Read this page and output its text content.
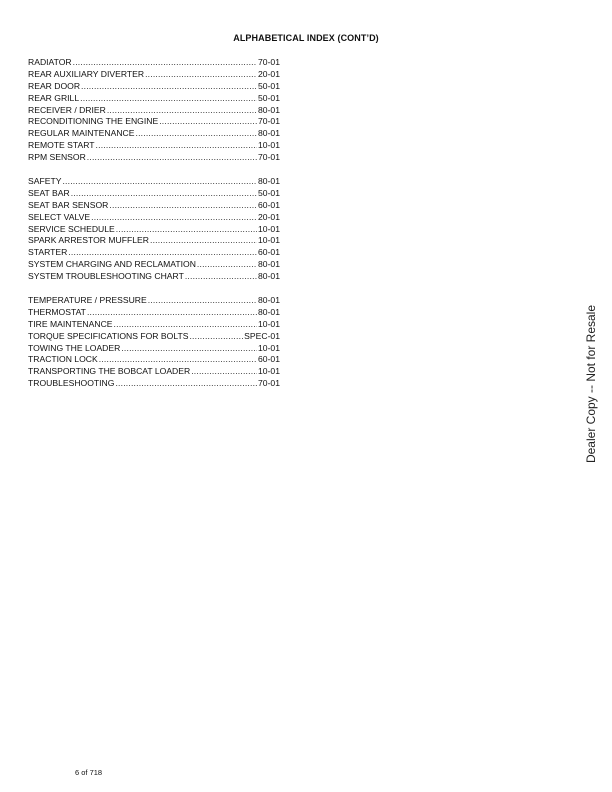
ALPHABETICAL INDEX (CONT’D)
RADIATOR .....	70-01
REAR AUXILIARY DIVERTER .....	20-01
REAR DOOR .....	50-01
REAR GRILL .....	50-01
RECEIVER / DRIER .....	80-01
RECONDITIONING THE ENGINE .....	70-01
REGULAR MAINTENANCE .....	80-01
REMOTE START .....	10-01
RPM SENSOR .....	70-01
SAFETY .....	80-01
SEAT BAR .....	50-01
SEAT BAR SENSOR .....	60-01
SELECT VALVE .....	20-01
SERVICE SCHEDULE .....	10-01
SPARK ARRESTOR MUFFLER .....	10-01
STARTER .....	60-01
SYSTEM CHARGING AND RECLAMATION .....	80-01
SYSTEM TROUBLESHOOTING CHART .....	80-01
TEMPERATURE / PRESSURE .....	80-01
THERMOSTAT .....	80-01
TIRE MAINTENANCE .....	10-01
TORQUE SPECIFICATIONS FOR BOLTS .....	SPEC-01
TOWING THE LOADER .....	10-01
TRACTION LOCK .....	60-01
TRANSPORTING THE BOBCAT LOADER .....	10-01
TROUBLESHOOTING .....	70-01
6 of 718
Dealer Copy -- Not for Resale
